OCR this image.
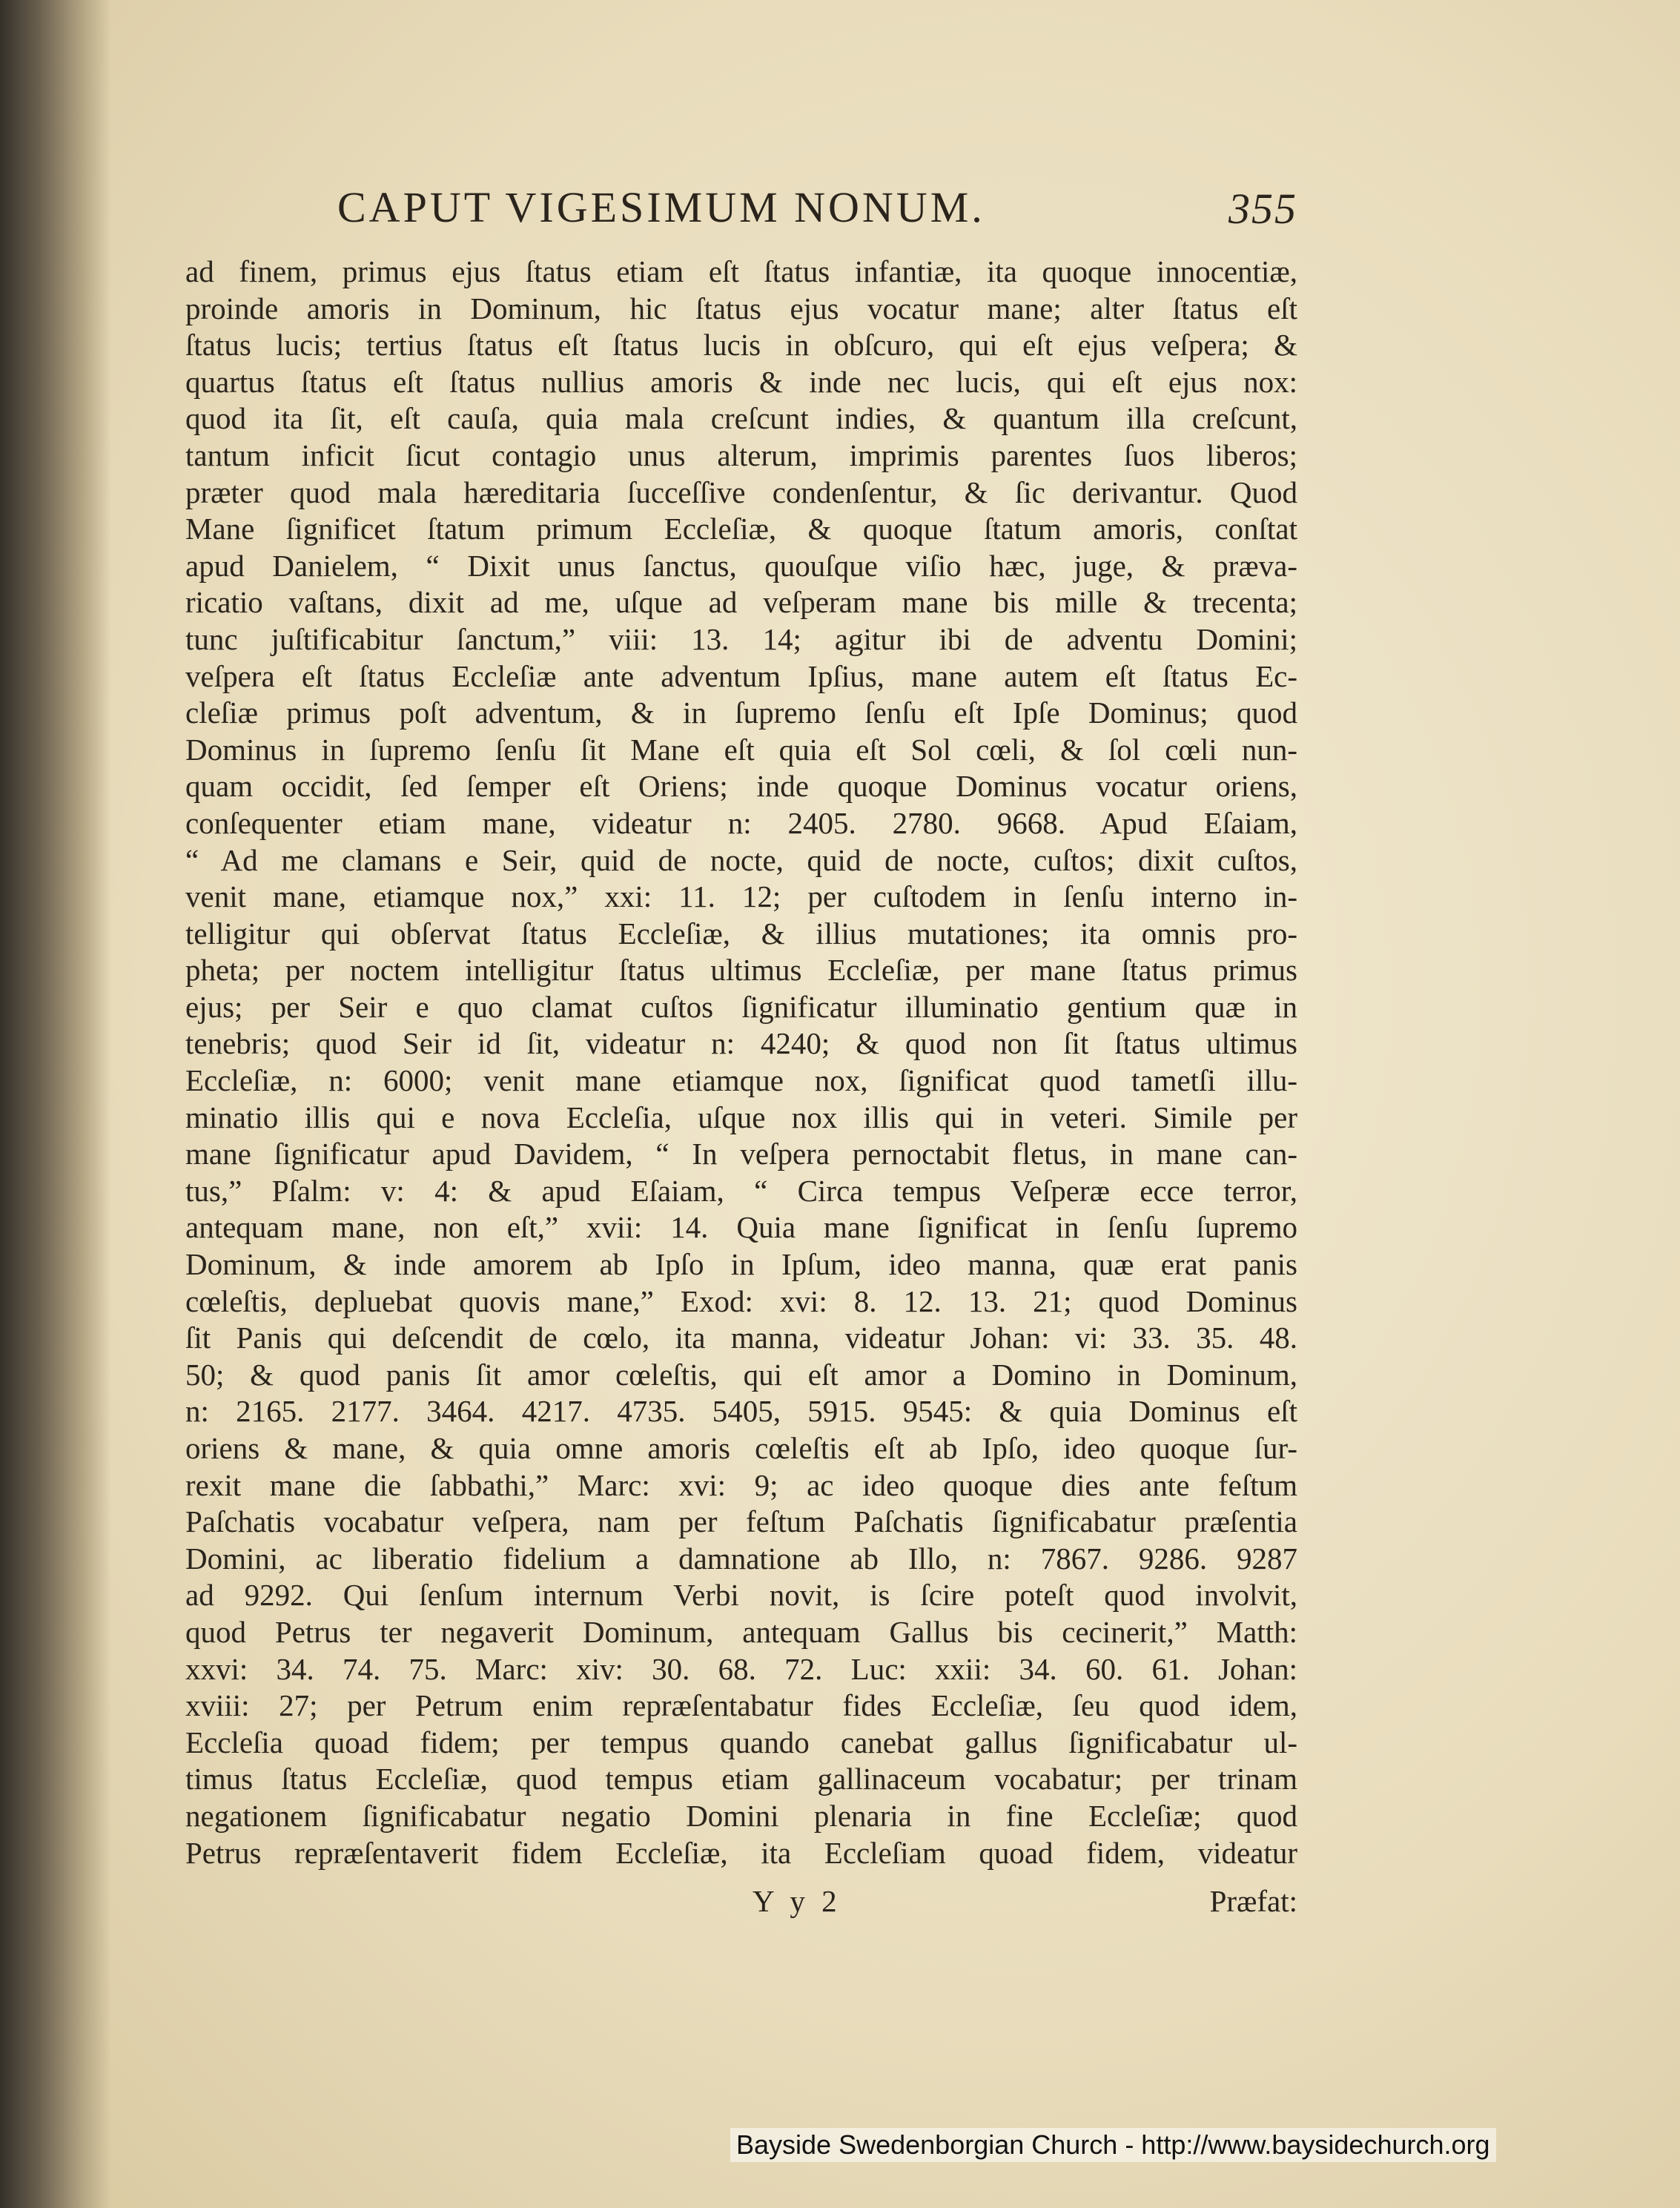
CAPUT VIGESIMUM NONUM.	355
ad finem, primus ejus ſtatus etiam eſt ſtatus infantiæ, ita quoque innocentiæ,
proinde amoris in Dominum, hic ſtatus ejus vocatur mane; alter ſtatus eſt
ſtatus lucis; tertius ſtatus eſt ſtatus lucis in obſcuro, qui eſt ejus veſpera; &
quartus ſtatus eſt ſtatus nullius amoris & inde nec lucis, qui eſt ejus nox:
quod ita ſit, eſt cauſa, quia mala creſcunt indies, & quantum illa creſcunt,
tantum inficit ſicut contagio unus alterum, imprimis parentes ſuos liberos;
præter quod mala hæreditaria ſucceſſive condenſentur, & ſic derivantur. Quod
Mane ſignificet ſtatum primum Eccleſiæ, & quoque ſtatum amoris, conſtat
apud Danielem, “ Dixit unus ſanctus, quouſque viſio hæc, juge, & præva-
ricatio vaſtans, dixit ad me, uſque ad veſperam mane bis mille & trecenta;
tunc juſtificabitur ſanctum,” viii: 13. 14; agitur ibi de adventu Domini;
veſpera eſt ſtatus Eccleſiæ ante adventum Ipſius, mane autem eſt ſtatus Ec-
cleſiæ primus poſt adventum, & in ſupremo ſenſu eſt Ipſe Dominus; quod
Dominus in ſupremo ſenſu ſit Mane eſt quia eſt Sol cœli, & ſol cœli nun-
quam occidit, ſed ſemper eſt Oriens; inde quoque Dominus vocatur oriens,
conſequenter etiam mane, videatur n: 2405. 2780. 9668. Apud Eſaiam,
“ Ad me clamans e Seir, quid de nocte, quid de nocte, cuſtos; dixit cuſtos,
venit mane, etiamque nox,” xxi: 11. 12; per cuſtodem in ſenſu interno in-
telligitur qui obſervat ſtatus Eccleſiæ, & illius mutationes; ita omnis pro-
pheta; per noctem intelligitur ſtatus ultimus Eccleſiæ, per mane ſtatus primus
ejus; per Seir e quo clamat cuſtos ſignificatur illuminatio gentium quæ in
tenebris; quod Seir id ſit, videatur n: 4240; & quod non ſit ſtatus ultimus
Eccleſiæ, n: 6000; venit mane etiamque nox, ſignificat quod tametſi illu-
minatio illis qui e nova Eccleſia, uſque nox illis qui in veteri. Simile per
mane ſignificatur apud Davidem, “ In veſpera pernoctabit fletus, in mane can-
tus,” Pſalm: v: 4: & apud Eſaiam, “ Circa tempus Veſperæ ecce terror,
antequam mane, non eſt,” xvii: 14. Quia mane ſignificat in ſenſu ſupremo
Dominum, & inde amorem ab Ipſo in Ipſum, ideo manna, quæ erat panis
cœleſtis, depluebat quovis mane,” Exod: xvi: 8. 12. 13. 21; quod Dominus
ſit Panis qui deſcendit de cœlo, ita manna, videatur Johan: vi: 33. 35. 48.
50; & quod panis ſit amor cœleſtis, qui eſt amor a Domino in Dominum,
n: 2165. 2177. 3464. 4217. 4735. 5405, 5915. 9545: & quia Dominus eſt
oriens & mane, & quia omne amoris cœleſtis eſt ab Ipſo, ideo quoque ſur-
rexit mane die ſabbathi,” Marc: xvi: 9; ac ideo quoque dies ante feſtum
Paſchatis vocabatur veſpera, nam per feſtum Paſchatis ſignificabatur præſentia
Domini, ac liberatio fidelium a damnatione ab Illo, n: 7867. 9286. 9287
ad 9292. Qui ſenſum internum Verbi novit, is ſcire poteſt quod involvit,
quod Petrus ter negaverit Dominum, antequam Gallus bis cecinerit,” Matth:
xxvi: 34. 74. 75. Marc: xiv: 30. 68. 72. Luc: xxii: 34. 60. 61. Johan:
xviii: 27; per Petrum enim repræſentabatur fides Eccleſiæ, ſeu quod idem,
Eccleſia quoad fidem; per tempus quando canebat gallus ſignificabatur ul-
timus ſtatus Eccleſiæ, quod tempus etiam gallinaceum vocabatur; per trinam
negationem ſignificabatur negatio Domini plenaria in fine Eccleſiæ; quod
Petrus repræſentaverit fidem Eccleſiæ, ita Eccleſiam quoad fidem, videatur
Y y 2	Præfat:
Bayside Swedenborgian Church - http://www.baysidechurch.org
